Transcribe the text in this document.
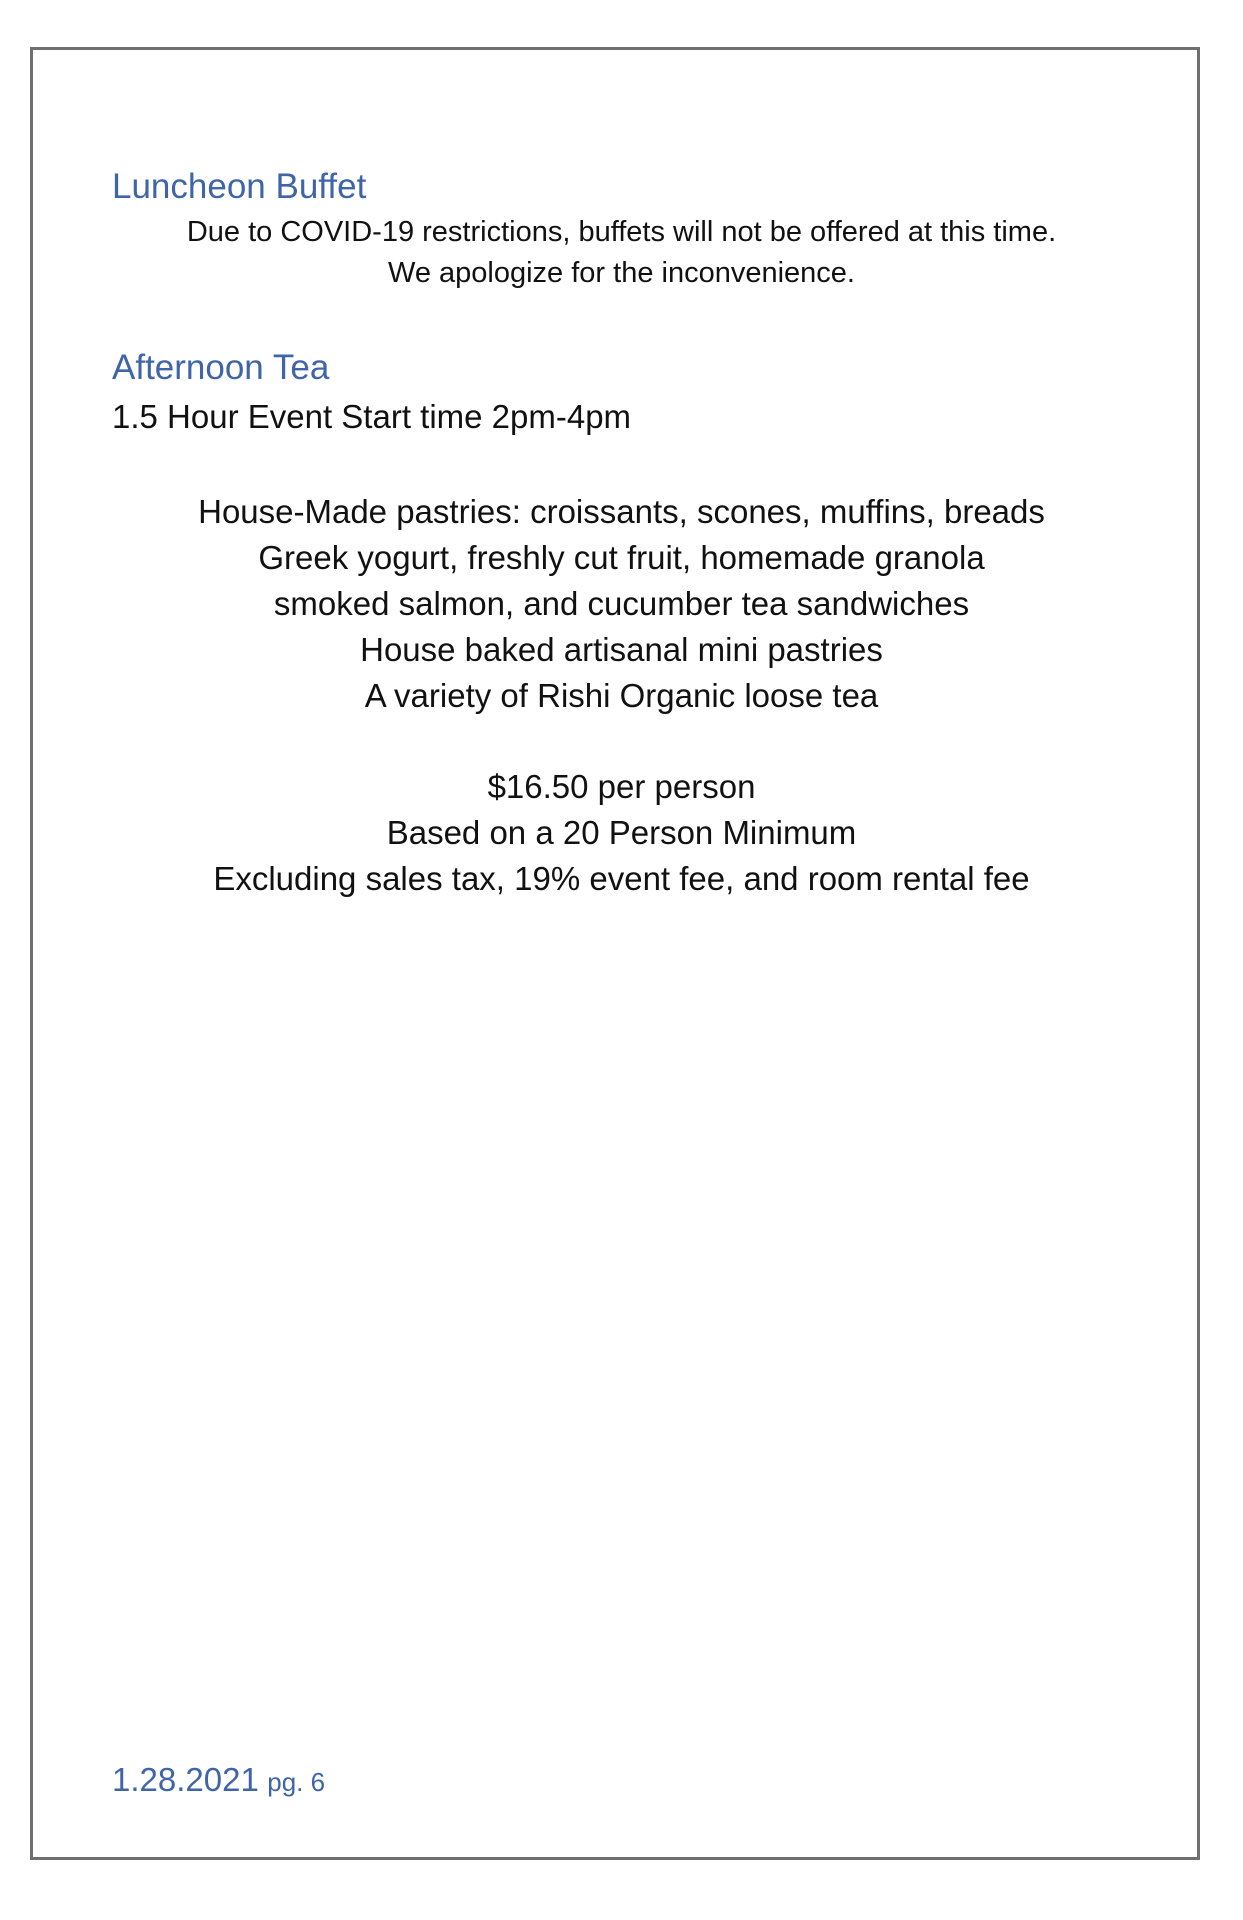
Luncheon Buffet
Due to COVID-19 restrictions, buffets will not be offered at this time.
We apologize for the inconvenience.
Afternoon Tea
1.5 Hour Event Start time 2pm-4pm
House-Made pastries: croissants, scones, muffins, breads
Greek yogurt, freshly cut fruit, homemade granola
smoked salmon, and cucumber tea sandwiches
House baked artisanal mini pastries
A variety of Rishi Organic loose tea
$16.50 per person
Based on a 20 Person Minimum
Excluding sales tax, 19% event fee, and room rental fee
1.28.2021 pg. 6
